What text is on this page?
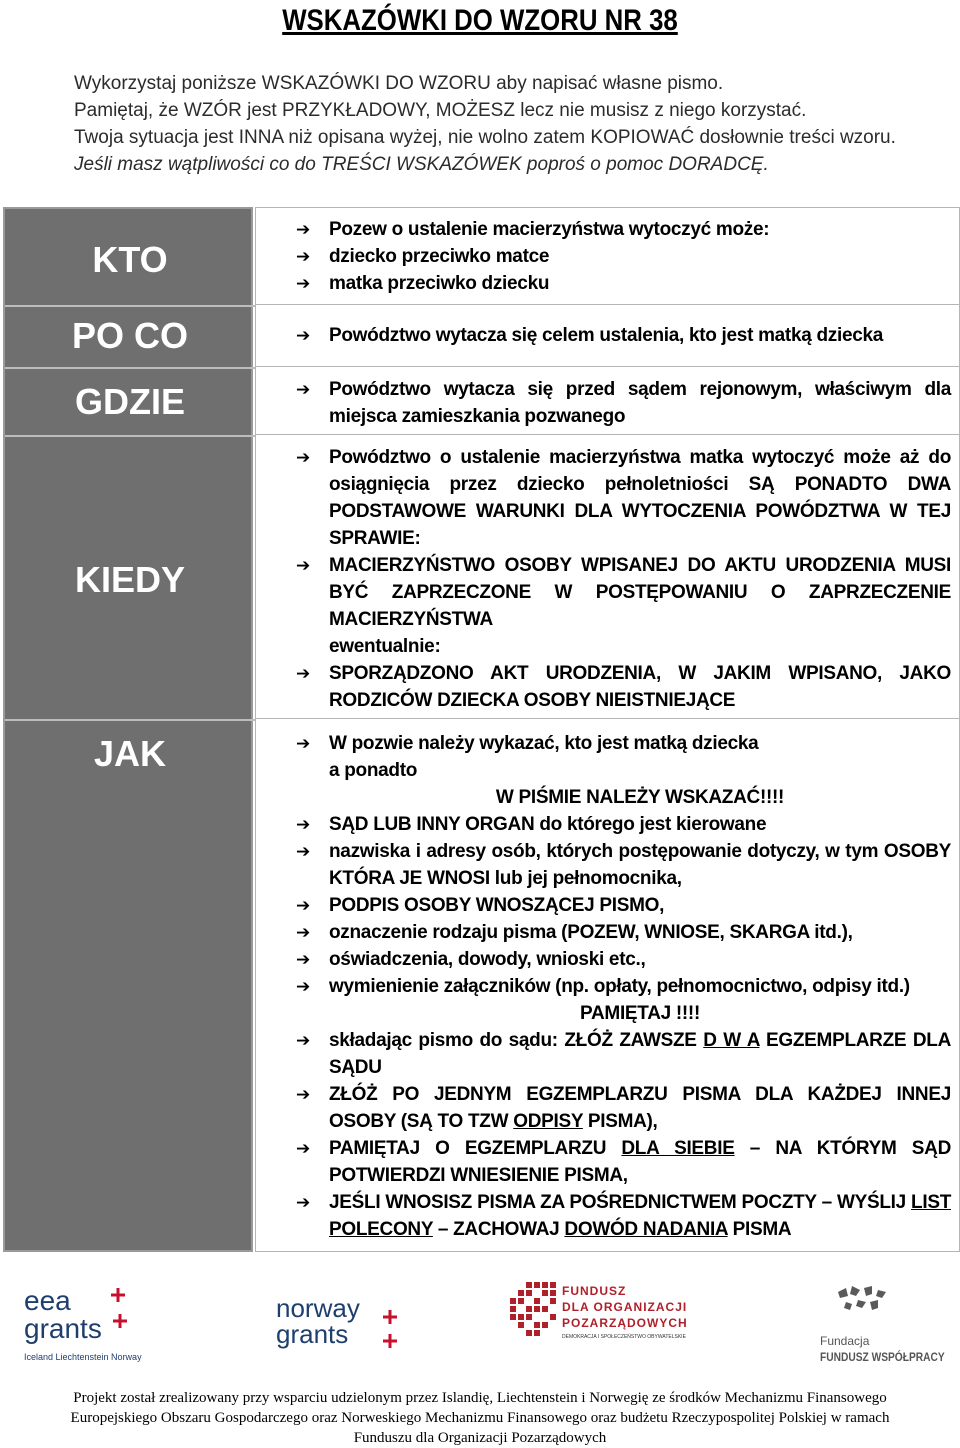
WSKAZÓWKI DO WZORU NR 38
Wykorzystaj poniższe WSKAZÓWKI DO WZORU aby napisać własne pismo.
Pamiętaj, że WZÓR jest PRZYKŁADOWY, MOŻESZ lecz nie musisz z niego korzystać.
Twoja sytuacja jest INNA niż opisana wyżej, nie wolno zatem KOPIOWAĆ dosłownie treści wzoru.
Jeśli masz wątpliwości co do TREŚCI WSKAZÓWEK poproś o pomoc DORADCĘ.
KTO
PO CO
GDZIE
KIEDY
JAK
➔ Pozew o ustalenie macierzyństwa wytoczyć może:
➔ dziecko przeciwko matce
➔ matka przeciwko dziecku
➔ Powództwo wytacza się celem ustalenia, kto jest matką dziecka
➔ Powództwo wytacza się przed sądem rejonowym, właściwym dla miejsca zamieszkania pozwanego
➔ Powództwo o ustalenie macierzyństwa matka wytoczyć może aż do osiągnięcia przez dziecko pełnoletniości SĄ PONADTO DWA PODSTAWOWE WARUNKI DLA WYTOCZENIA POWÓDZTWA W TEJ SPRAWIE:
➔ MACIERZYŃSTWO OSOBY WPISANEJ DO AKTU URODZENIA MUSI BYĆ ZAPRZECZONE W POSTĘPOWANIU O ZAPRZECZENIE MACIERZYŃSTWA
ewentualnie:
➔ SPORZĄDZONO AKT URODZENIA, W JAKIM WPISANO, JAKO RODZICÓW DZIECKA OSOBY NIEISTNIEJĄCE
➔ W pozwie należy wykazać, kto jest matką dziecka
a ponadto
W PIŚMIE NALEŻY WSKAZAĆ!!!!
➔ SĄD LUB INNY ORGAN do którego jest kierowane
➔ nazwiska i adresy osób, których postępowanie dotyczy, w tym OSOBY KTÓRA JE WNOSI lub jej pełnomocnika,
➔ PODPIS OSOBY WNOSZĄCEJ PISMO,
➔ oznaczenie rodzaju pisma (POZEW, WNIOSE, SKARGA itd.),
➔ oświadczenia, dowody, wnioski etc.,
➔ wymienienie załączników (np. opłaty, pełnomocnictwo, odpisy itd.)
PAMIĘTAJ !!!!
➔ składając pismo do sądu: ZŁÓŻ ZAWSZE D W A EGZEMPLARZE DLA SĄDU
➔ ZŁÓŻ PO JEDNYM EGZEMPLARZU PISMA DLA KAŻDEJ INNEJ OSOBY (SĄ TO TZW ODPISY PISMA),
➔ PAMIĘTAJ O EGZEMPLARZU DLA SIEBIE – NA KTÓRYM SĄD POTWIERDZI WNIESIENIE PISMA,
➔ JEŚLI WNOSISZ PISMA ZA POŚREDNICTWEM POCZTY – WYŚLIJ LIST POLECONY – ZACHOWAJ DOWÓD NADANIA PISMA
eea
grants
Iceland Liechtenstein Norway
norway
grants
FUNDUSZ
DLA ORGANIZACJI
POZARZĄDOWYCH
DEMOKRACJA I SPOŁECZEŃSTWO OBYWATELSKIE	Fundacja
FUNDUSZ WSPÓŁPRACY
Projekt został zrealizowany przy wsparciu udzielonym przez Islandię, Liechtenstein i Norwegię ze środków Mechanizmu Finansowego
Europejskiego Obszaru Gospodarczego oraz Norweskiego Mechanizmu Finansowego oraz budżetu Rzeczypospolitej Polskiej w ramach
Funduszu dla Organizacji Pozarządowych
